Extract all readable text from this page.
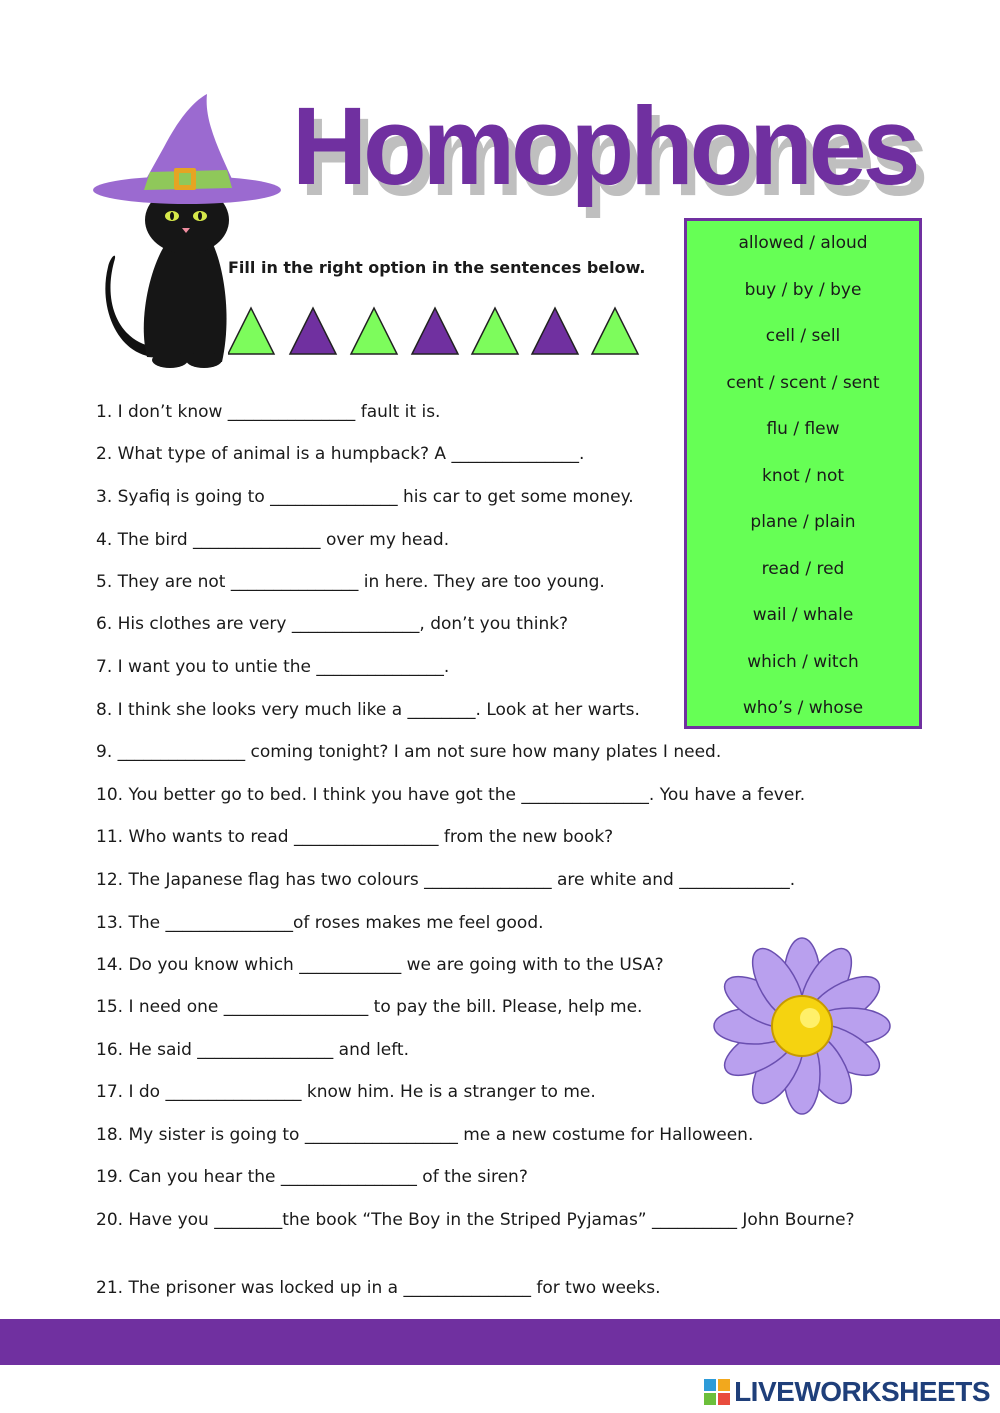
Homophones
Fill in the right option in the sentences below.
allowed / aloud
buy / by / bye
cell / sell
cent / scent / sent
flu / flew
knot / not
plane / plain
read / red
wail / whale
which / witch
who’s / whose
1. I don’t know _______________ fault it is.
2. What type of animal is a humpback? A _______________.
3. Syafiq is going to _______________ his car to get some money.
4. The bird _______________ over my head.
5. They are not _______________ in here. They are too young.
6. His clothes are very _______________, don’t you think?
7. I want you to untie the _______________.
8. I think she looks very much like a ________. Look at her warts.
9. _______________ coming tonight? I am not sure how many plates I need.
10. You better go to bed. I think you have got the _______________. You have a fever.
11. Who wants to read _________________ from the new book?
12. The Japanese flag has two colours _______________ are white and _____________.
13. The _______________of roses makes me feel good.
14. Do you know which ____________ we are going with to the USA?
15. I need one _________________ to pay the bill. Please, help me.
16. He said ________________ and left.
17. I do ________________ know him. He is a stranger to me.
18. My sister is going to __________________ me a new costume for Halloween.
19. Can you hear the ________________ of the siren?
20. Have you ________the book “The Boy in the Striped Pyjamas” __________ John Bourne?
21. The prisoner was locked up in a _______________ for two weeks.
LIVEWORKSHEETS
